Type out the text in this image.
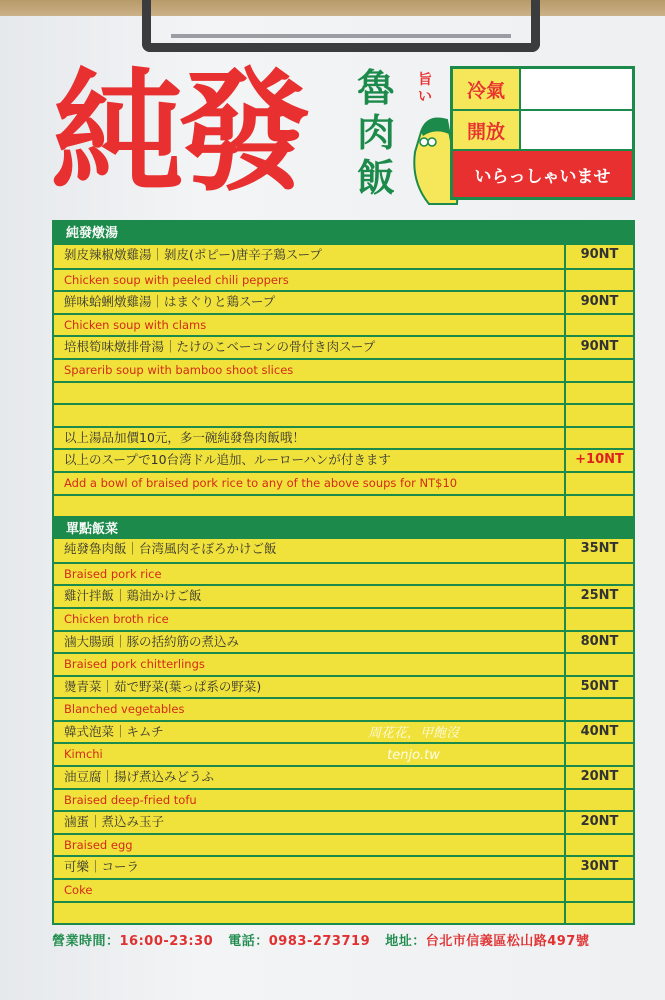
純發 魯肉飯
旨い	冷氣
開放
いらっしゃいませ
純發燉湯
剝皮辣椒燉雞湯｜剝皮(ポピー)唐辛子鶏スープ	90NT
Chicken soup with peeled chili peppers
鮮味蛤蜊燉雞湯｜はまぐりと鶏スープ	90NT
Chicken soup with clams
培根筍味燉排骨湯｜たけのこベーコンの骨付き肉スープ	90NT
Sparerib soup with bamboo shoot slices
以上湯品加價10元，多一碗純發魯肉飯哦！
以上のスープで10台湾ドル追加、ルーローハンが付きます	+10NT
Add a bowl of braised pork rice to any of the above soups for NT$10
單點飯菜
純發魯肉飯｜台湾風肉そぼろかけご飯	35NT
Braised pork rice
雞汁拌飯｜鶏油かけご飯	25NT
Chicken broth rice
滷大腸頭｜豚の括約筋の煮込み	80NT
Braised pork chitterlings
燙青菜｜茹で野菜(葉っぱ系の野菜)	50NT
Blanched vegetables
韓式泡菜｜キムチ	40NT
Kimchi
油豆腐｜揚げ煮込みどうふ	20NT
Braised deep-fried tofu
滷蛋｜煮込み玉子	20NT
Braised egg
可樂｜コーラ	30NT
Coke
周花花，甲飽沒
tenjo.tw
營業時間：16:00-23:30 電話：0983-273719 地址：台北市信義區松山路497號
